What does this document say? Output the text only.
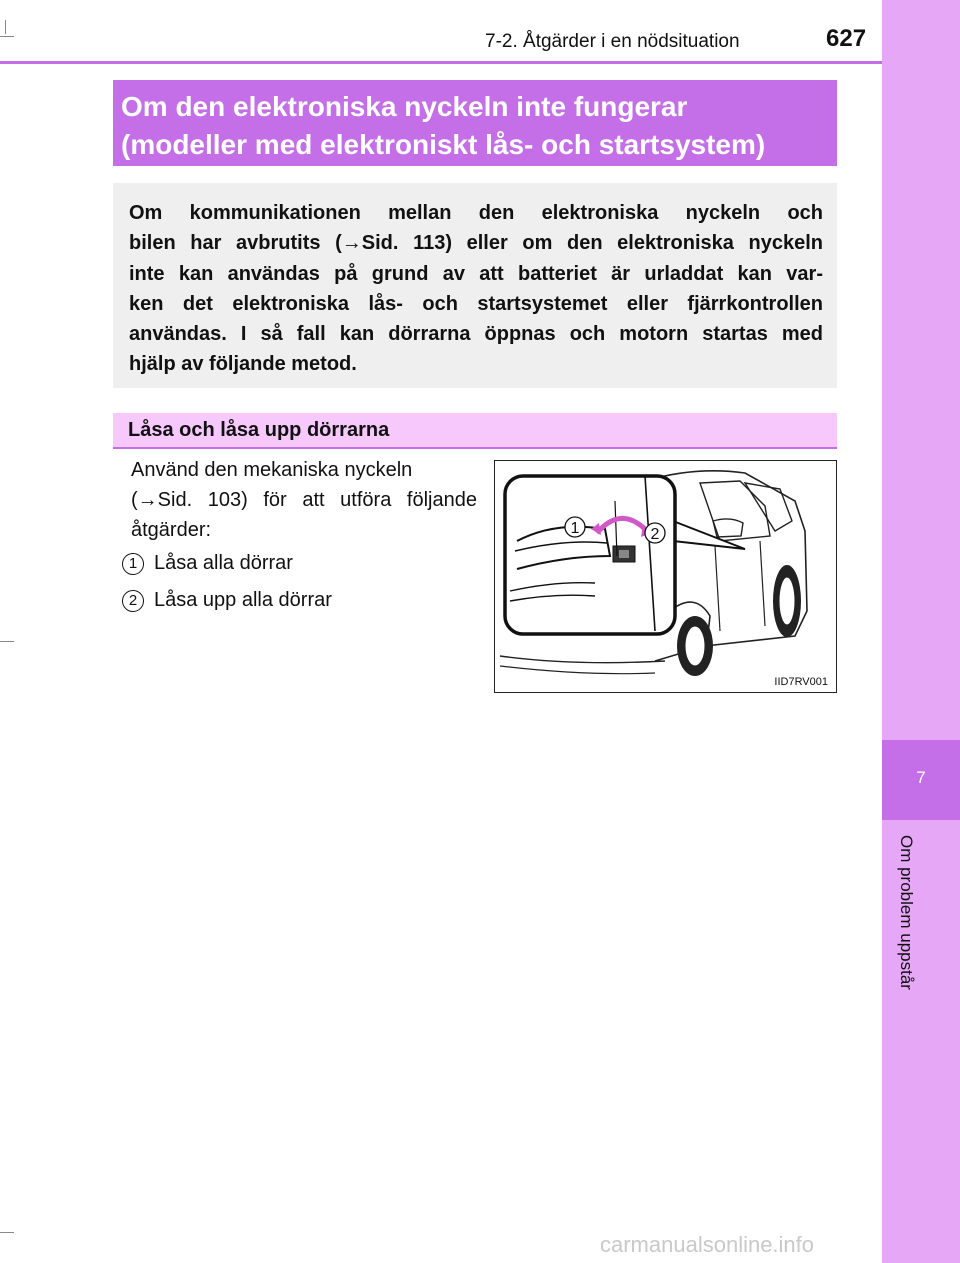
7
Om problem uppstår
7-2. Åtgärder i en nödsituation	627
Om den elektroniska nyckeln inte fungerar
(modeller med elektroniskt lås- och startsystem)
Om kommunikationen mellan den elektroniska nyckeln och
bilen har avbrutits (→Sid. 113) eller om den elektroniska nyckeln
inte kan användas på grund av att batteriet är urladdat kan var-
ken det elektroniska lås- och startsystemet eller fjärrkontrollen
användas. I så fall kan dörrarna öppnas och motorn startas med
hjälp av följande metod.
Låsa och låsa upp dörrarna
Använd den mekaniska nyckeln
(→Sid. 103) för att utföra följande
åtgärder:
1 Låsa alla dörrar
2 Låsa upp alla dörrar
1	2
IID7RV001
carmanualsonline.info
